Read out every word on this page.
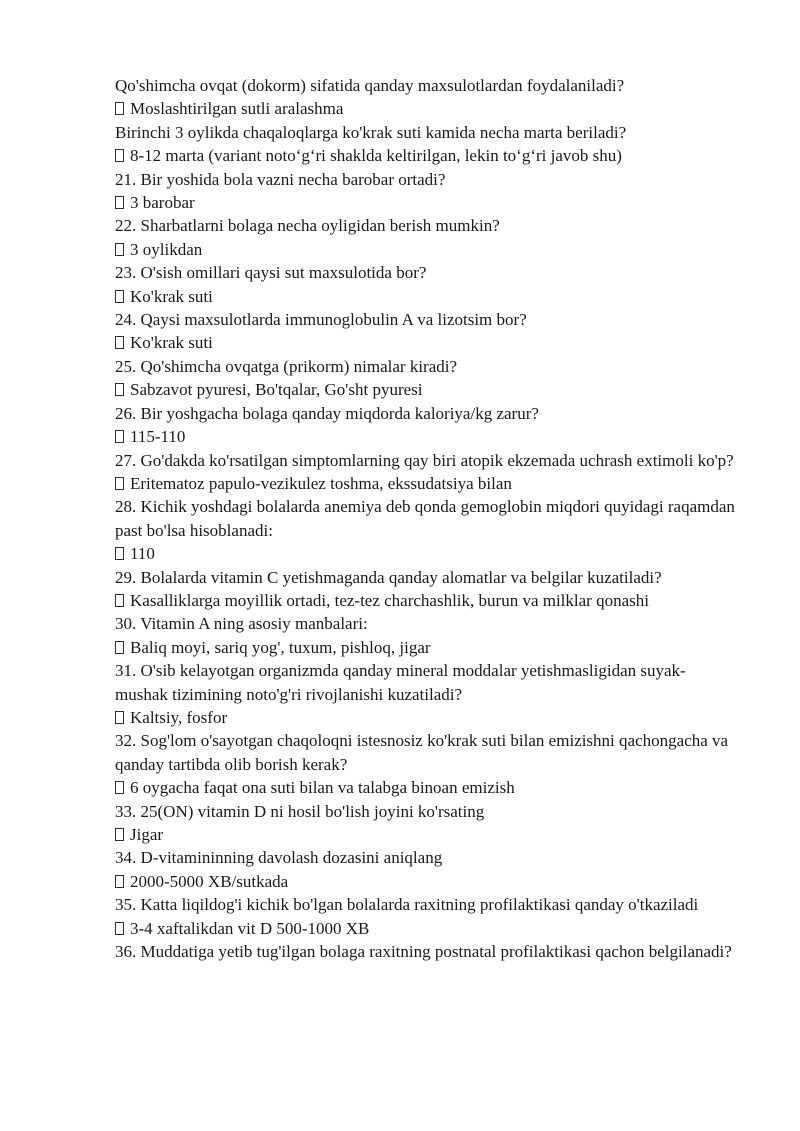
Qo'shimcha ovqat (dokorm) sifatida qanday maxsulotlardan foydalaniladi?

Moslashtirilgan sutli aralashma

Birinchi 3 oylikda chaqaloqlarga ko'krak suti kamida necha marta beriladi?

8-12 marta (variant noto‘g‘ri shaklda keltirilgan, lekin to‘g‘ri javob shu)

21. Bir yoshida bola vazni necha barobar ortadi?

3 barobar

22. Sharbatlarni bolaga necha oyligidan berish mumkin?

3 oylikdan

23. O'sish omillari qaysi sut maxsulotida bor?

Ko'krak suti

24. Qaysi maxsulotlarda immunoglobulin A va lizotsim bor?

Ko'krak suti

25. Qo'shimcha ovqatga (prikorm) nimalar kiradi?

Sabzavot pyuresi, Bo'tqalar, Go'sht pyuresi

26. Bir yoshgacha bolaga qanday miqdorda kaloriya/kg zarur?

115-110

27. Go'dakda ko'rsatilgan simptomlarning qay biri atopik ekzemada uchrash extimoli ko'p?

Eritematoz papulo-vezikulez toshma, ekssudatsiya bilan

28. Kichik yoshdagi bolalarda anemiya deb qonda gemoglobin miqdori quyidagi raqamdan past bo'lsa hisoblanadi:

110

29. Bolalarda vitamin C yetishmaganda qanday alomatlar va belgilar kuzatiladi?

Kasalliklarga moyillik ortadi, tez-tez charchashlik, burun va milklar qonashi

30. Vitamin A ning asosiy manbalari:

Baliq moyi, sariq yog', tuxum, pishloq, jigar

31. O'sib kelayotgan organizmda qanday mineral moddalar yetishmasligidan suyak-mushak tizimining noto'g'ri rivojlanishi kuzatiladi?

Kaltsiy, fosfor

32. Sog'lom o'sayotgan chaqoloqni istesnosiz ko'krak suti bilan emizishni qachongacha va qanday tartibda olib borish kerak?

6 oygacha faqat ona suti bilan va talabga binoan emizish

33. 25(ON) vitamin D ni hosil bo'lish joyini ko'rsating

Jigar

34. D-vitamininning davolash dozasini aniqlang

2000-5000 XB/sutkada

35. Katta liqildog'i kichik bo'lgan bolalarda raxitning profilaktikasi qanday o'tkaziladi

3-4 xaftalikdan vit D 500-1000 XB

36. Muddatiga yetib tug'ilgan bolaga raxitning postnatal profilaktikasi qachon belgilanadi?
